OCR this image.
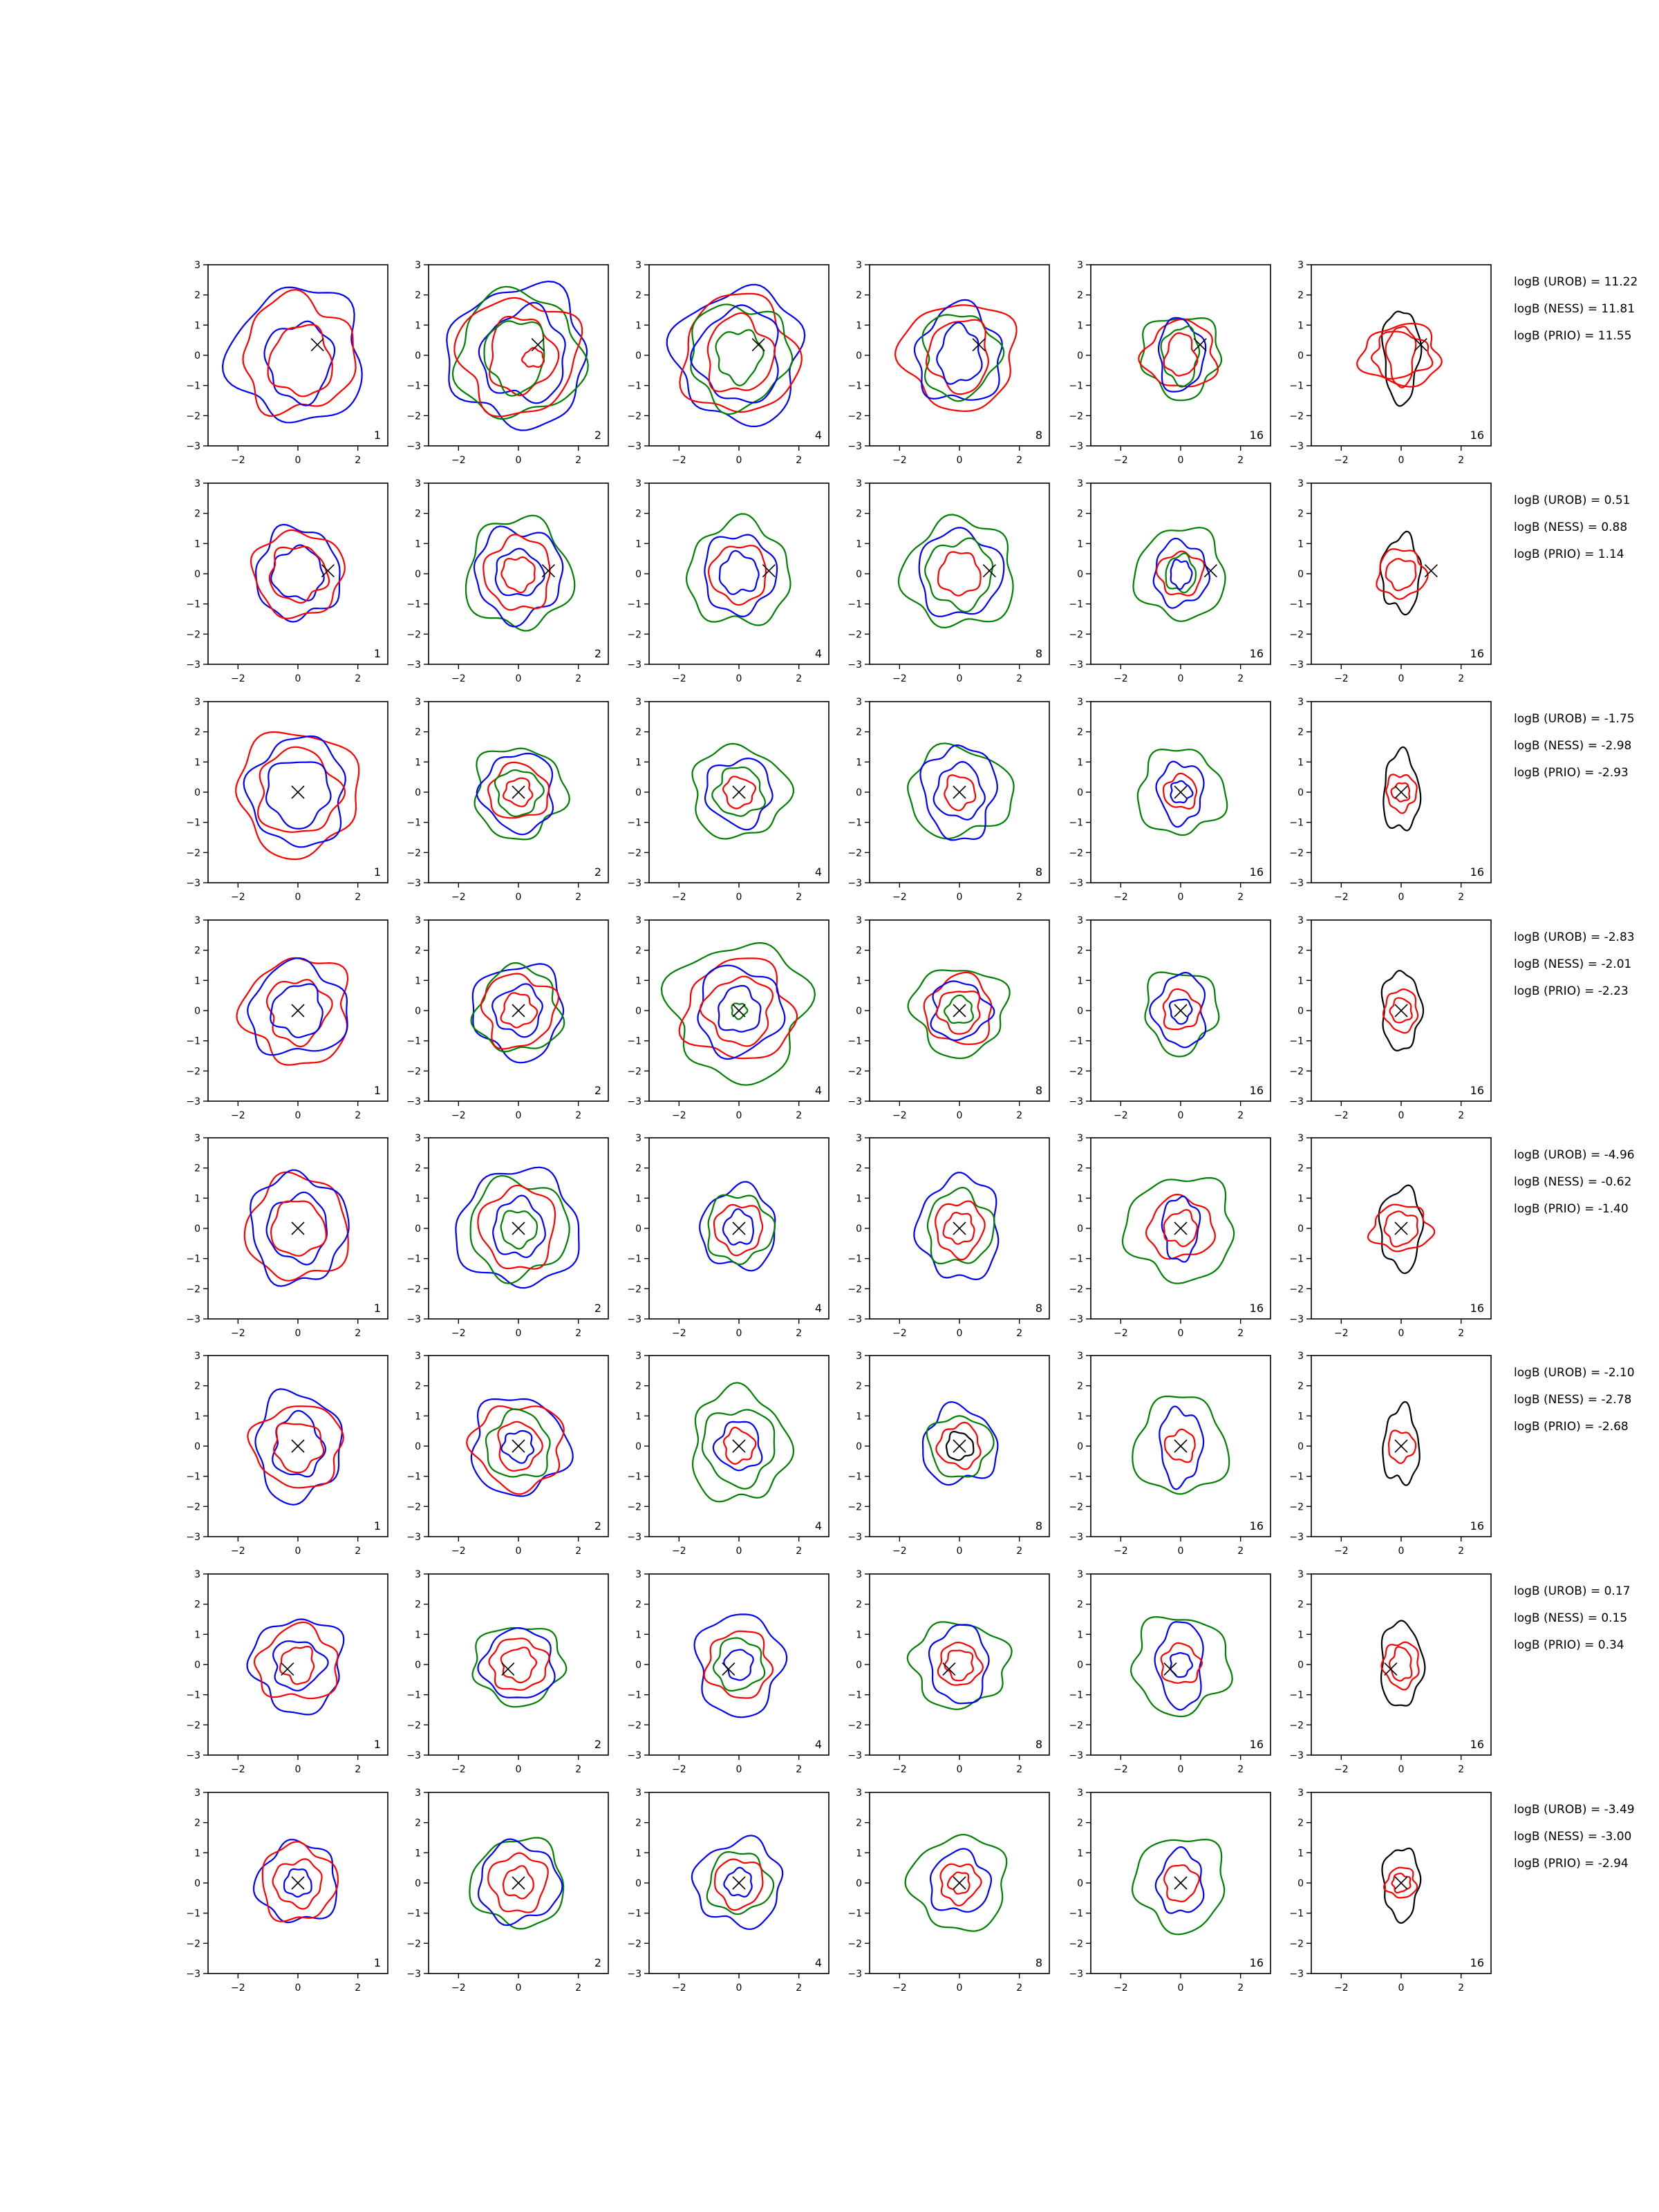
−2	0	2
−3
−2
−1
0
1
2
3
1
−2	0	2
−3
−2
−1
0
1
2
3
2
−2	0	2
−3
−2
−1
0
1
2
3
4
−2	0	2
−3
−2
−1
0
1
2
3
8
−2	0	2
−3
−2
−1
0
1
2
3
16
−2	0	2
−3
−2
−1
0
1
2
3
16
−2	0	2
−3
−2
−1
0
1
2
3
1
−2	0	2
−3
−2
−1
0
1
2
3
2
−2	0	2
−3
−2
−1
0
1
2
3
4
−2	0	2
−3
−2
−1
0
1
2
3
8
−2	0	2
−3
−2
−1
0
1
2
3
16
−2	0	2
−3
−2
−1
0
1
2
3
16
−2	0	2
−3
−2
−1
0
1
2
3
1
−2	0	2
−3
−2
−1
0
1
2
3
2
−2	0	2
−3
−2
−1
0
1
2
3
4
−2	0	2
−3
−2
−1
0
1
2
3
8
−2	0	2
−3
−2
−1
0
1
2
3
16
−2	0	2
−3
−2
−1
0
1
2
3
16
−2	0	2
−3
−2
−1
0
1
2
3
1
−2	0	2
−3
−2
−1
0
1
2
3
2
−2	0	2
−3
−2
−1
0
1
2
3
4
−2	0	2
−3
−2
−1
0
1
2
3
8
−2	0	2
−3
−2
−1
0
1
2
3
16
−2	0	2
−3
−2
−1
0
1
2
3
16
−2	0	2
−3
−2
−1
0
1
2
3
1
−2	0	2
−3
−2
−1
0
1
2
3
2
−2	0	2
−3
−2
−1
0
1
2
3
4
−2	0	2
−3
−2
−1
0
1
2
3
8
−2	0	2
−3
−2
−1
0
1
2
3
16
−2	0	2
−3
−2
−1
0
1
2
3
16
−2	0	2
−3
−2
−1
0
1
2
3
1
−2	0	2
−3
−2
−1
0
1
2
3
2
−2	0	2
−3
−2
−1
0
1
2
3
4
−2	0	2
−3
−2
−1
0
1
2
3
8
−2	0	2
−3
−2
−1
0
1
2
3
16
−2	0	2
−3
−2
−1
0
1
2
3
16
−2	0	2
−3
−2
−1
0
1
2
3
1
−2	0	2
−3
−2
−1
0
1
2
3
2
−2	0	2
−3
−2
−1
0
1
2
3
4
−2	0	2
−3
−2
−1
0
1
2
3
8
−2	0	2
−3
−2
−1
0
1
2
3
16
−2	0	2
−3
−2
−1
0
1
2
3
16
−2	0	2
−3
−2
−1
0
1
2
3
1
−2	0	2
−3
−2
−1
0
1
2
3
2
−2	0	2
−3
−2
−1
0
1
2
3
4
−2	0	2
−3
−2
−1
0
1
2
3
8
−2	0	2
−3
−2
−1
0
1
2
3
16
−2	0	2
−3
−2
−1
0
1
2
3
16
logB (UROB) = 11.22
logB (NESS) = 11.81
logB (PRIO) = 11.55
logB (UROB) = 0.51
logB (NESS) = 0.88
logB (PRIO) = 1.14
logB (UROB) = -1.75
logB (NESS) = -2.98
logB (PRIO) = -2.93
logB (UROB) = -2.83
logB (NESS) = -2.01
logB (PRIO) = -2.23
logB (UROB) = -4.96
logB (NESS) = -0.62
logB (PRIO) = -1.40
logB (UROB) = -2.10
logB (NESS) = -2.78
logB (PRIO) = -2.68
logB (UROB) = 0.17
logB (NESS) = 0.15
logB (PRIO) = 0.34
logB (UROB) = -3.49
logB (NESS) = -3.00
logB (PRIO) = -2.94
